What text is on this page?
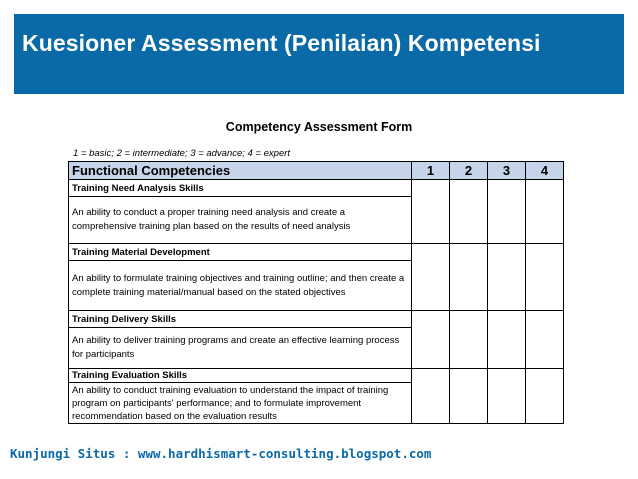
Kuesioner Assessment (Penilaian) Kompetensi
Competency Assessment Form
1 = basic; 2 = intermediate; 3 = advance; 4 = expert
Functional Competencies	1	2	3	4
Training Need Analysis Skills				
An ability to conduct a proper training need analysis and create a comprehensive training plan based on the results of need analysis				
Training Material Development				
An ability to formulate training objectives and training outline; and then create a complete training material/manual based on the stated objectives				
Training Delivery Skills				
An ability to deliver training programs and create an effective learning process for participants				
Training Evaluation Skills				
An ability to conduct training evaluation to understand the impact of training program on participants' performance; and to formulate improvement recommendation based on the evaluation results				
Kunjungi Situs : www.hardhismart-consulting.blogspot.com
